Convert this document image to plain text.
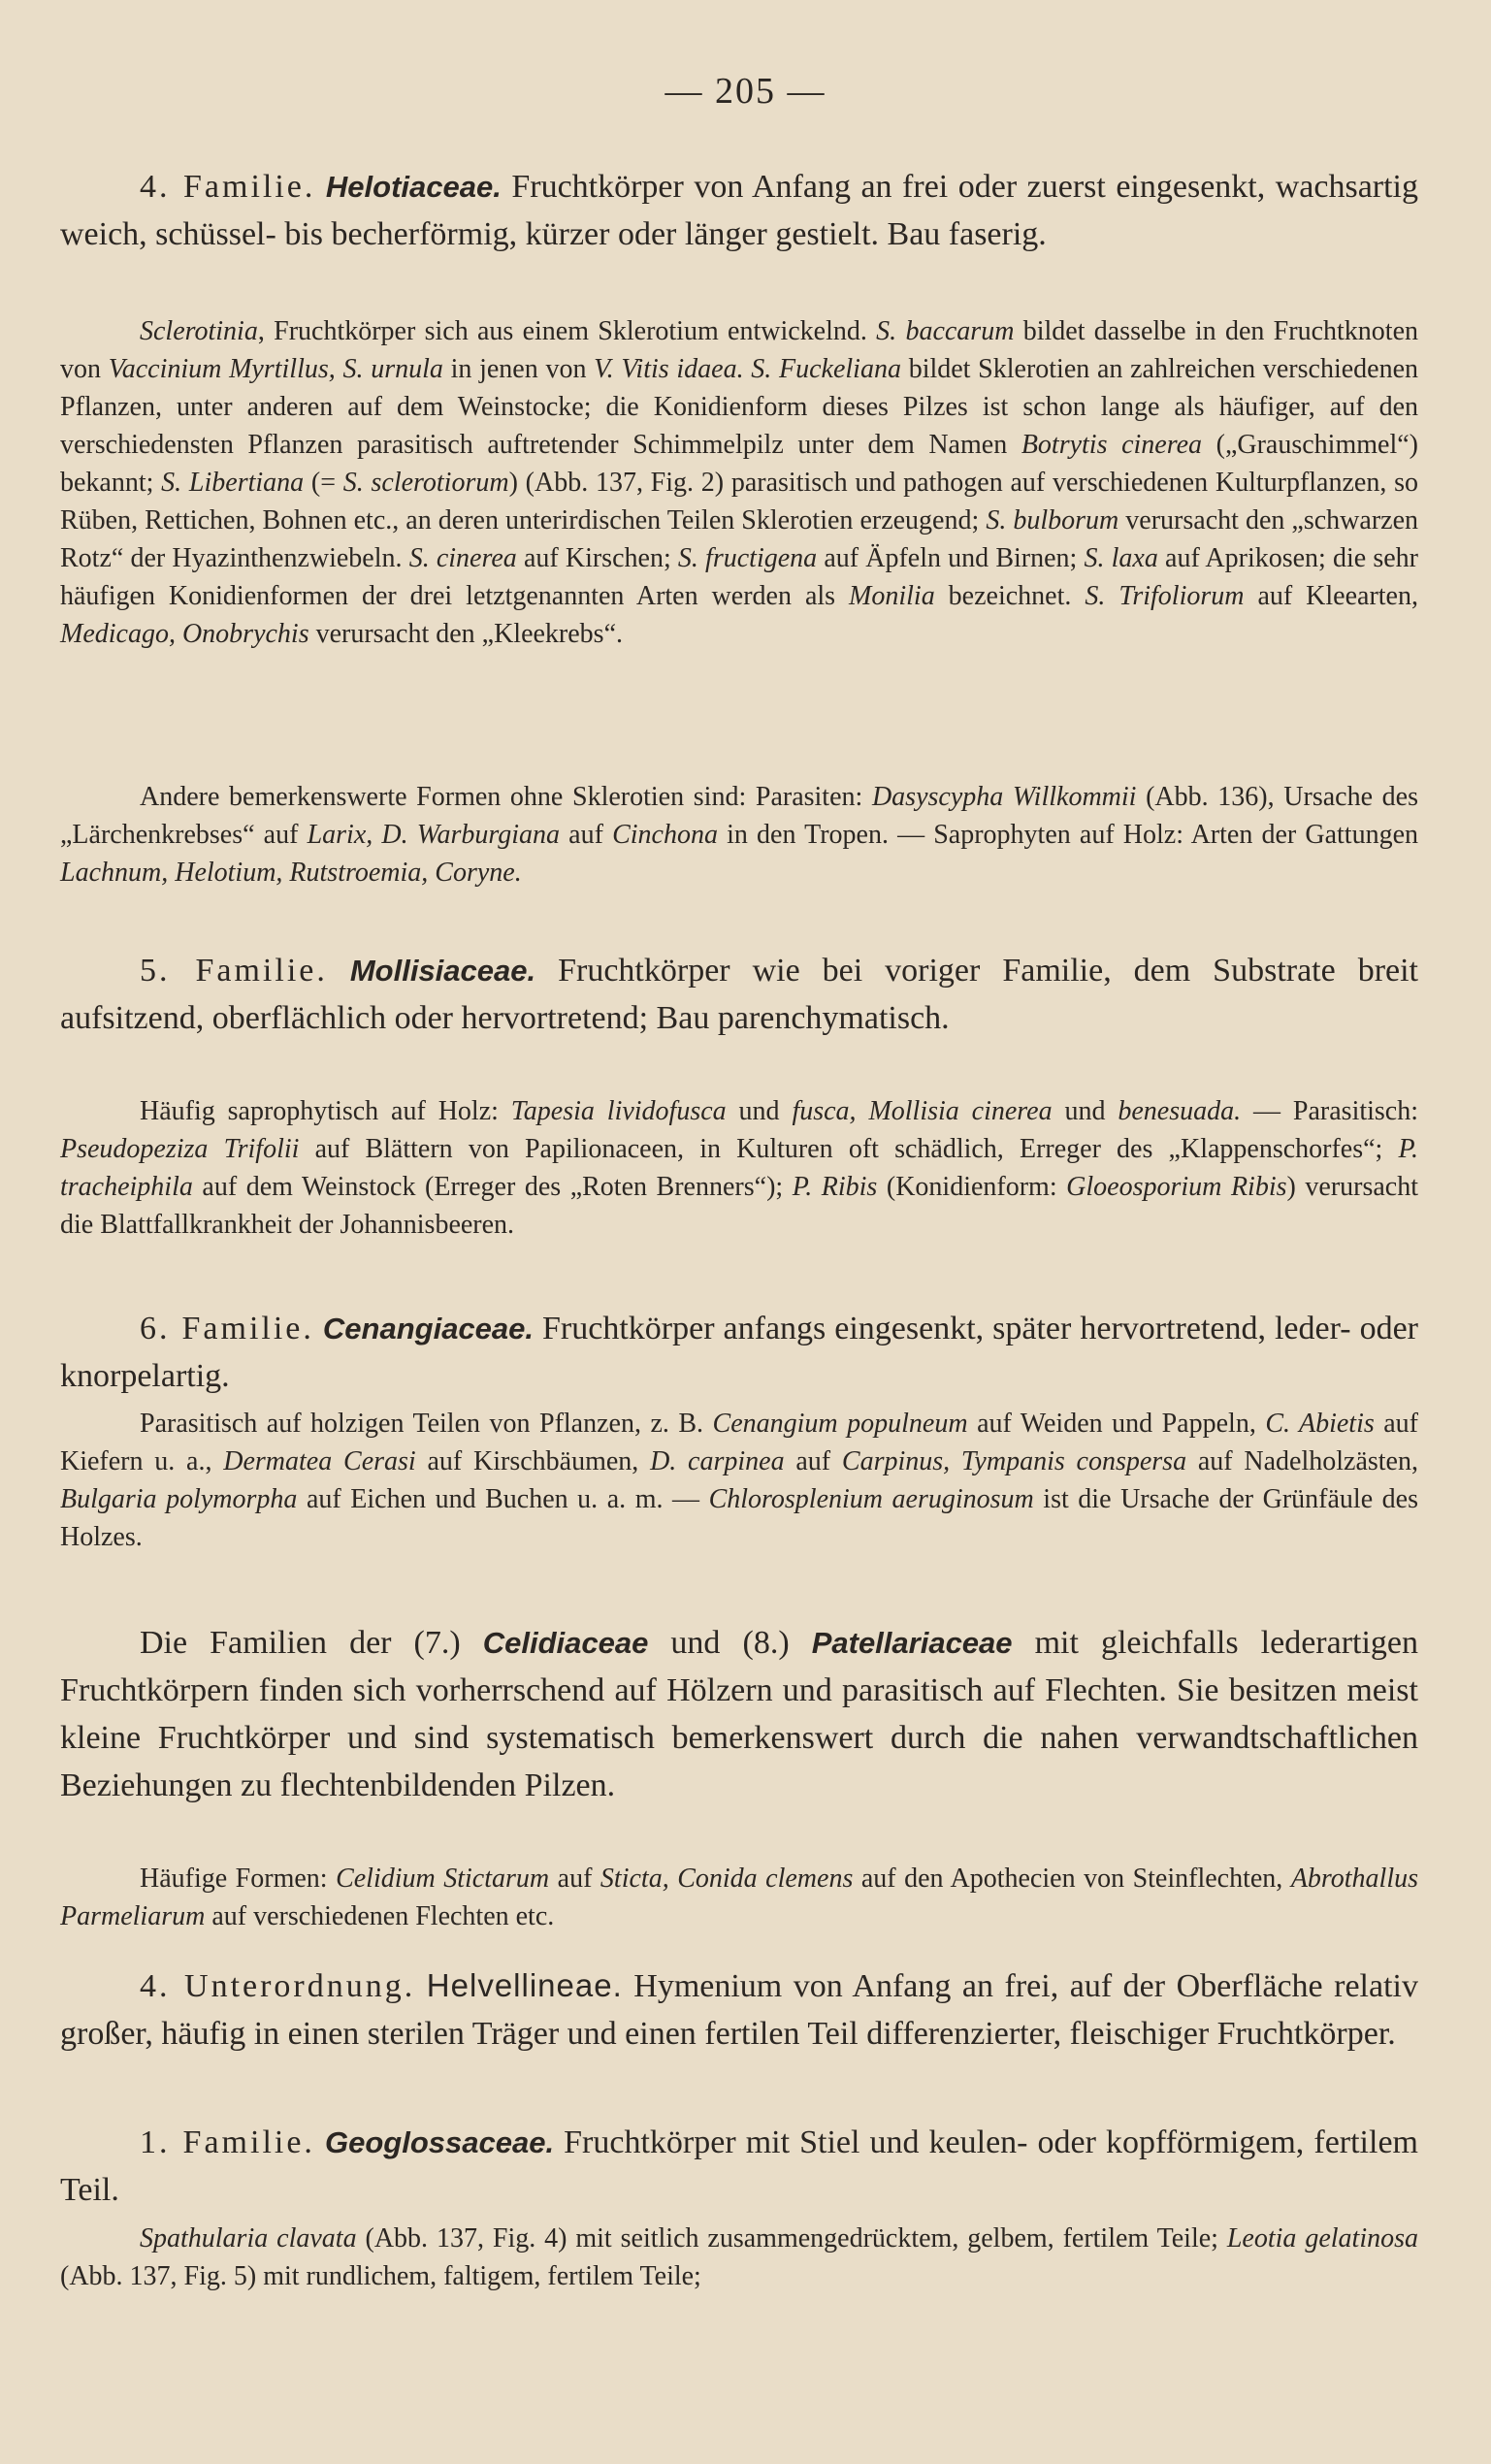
— 205 —
4. Familie. Helotiaceae. Fruchtkörper von Anfang an frei oder zuerst eingesenkt, wachsartig weich, schüssel- bis becherförmig, kürzer oder länger gestielt. Bau faserig.
Sclerotinia, Fruchtkörper sich aus einem Sklerotium entwickelnd. S. baccarum bildet dasselbe in den Fruchtknoten von Vaccinium Myrtillus, S. urnula in jenen von V. Vitis idaea. S. Fuckeliana bildet Sklerotien an zahlreichen verschiedenen Pflanzen, unter anderen auf dem Weinstocke; die Konidienform dieses Pilzes ist schon lange als häufiger, auf den verschiedensten Pflanzen parasitisch auftretender Schimmelpilz unter dem Namen Botrytis cinerea („Grauschimmel“) bekannt; S. Libertiana (= S. sclerotiorum) (Abb. 137, Fig. 2) parasitisch und pathogen auf verschiedenen Kulturpflanzen, so Rüben, Rettichen, Bohnen etc., an deren unterirdischen Teilen Sklerotien erzeugend; S. bulborum verursacht den „schwarzen Rotz“ der Hyazinthenzwiebeln. S. cinerea auf Kirschen; S. fructigena auf Äpfeln und Birnen; S. laxa auf Aprikosen; die sehr häufigen Konidienformen der drei letztgenannten Arten werden als Monilia bezeichnet. S. Trifoliorum auf Kleearten, Medicago, Onobrychis verursacht den „Kleekrebs“.
Andere bemerkenswerte Formen ohne Sklerotien sind: Parasiten: Dasyscypha Willkommii (Abb. 136), Ursache des „Lärchenkrebses“ auf Larix, D. Warburgiana auf Cinchona in den Tropen. — Saprophyten auf Holz: Arten der Gattungen Lachnum, Helotium, Rutstroemia, Coryne.
5. Familie. Mollisiaceae. Fruchtkörper wie bei voriger Familie, dem Substrate breit aufsitzend, oberflächlich oder hervortretend; Bau parenchymatisch.
Häufig saprophytisch auf Holz: Tapesia lividofusca und fusca, Mollisia cinerea und benesuada. — Parasitisch: Pseudopeziza Trifolii auf Blättern von Papilionaceen, in Kulturen oft schädlich, Erreger des „Klappenschorfes“; P. tracheiphila auf dem Weinstock (Erreger des „Roten Brenners“); P. Ribis (Konidienform: Gloeosporium Ribis) verursacht die Blattfallkrankheit der Johannisbeeren.
6. Familie. Cenangiaceae. Fruchtkörper anfangs eingesenkt, später hervortretend, leder- oder knorpelartig.
Parasitisch auf holzigen Teilen von Pflanzen, z. B. Cenangium populneum auf Weiden und Pappeln, C. Abietis auf Kiefern u. a., Dermatea Cerasi auf Kirschbäumen, D. carpinea auf Carpinus, Tympanis conspersa auf Nadelholzästen, Bulgaria polymorpha auf Eichen und Buchen u. a. m. — Chlorosplenium aeruginosum ist die Ursache der Grünfäule des Holzes.
Die Familien der (7.) Celidiaceae und (8.) Patellariaceae mit gleichfalls lederartigen Fruchtkörpern finden sich vorherrschend auf Hölzern und parasitisch auf Flechten. Sie besitzen meist kleine Fruchtkörper und sind systematisch bemerkenswert durch die nahen verwandtschaftlichen Beziehungen zu flechtenbildenden Pilzen.
Häufige Formen: Celidium Stictarum auf Sticta, Conida clemens auf den Apothecien von Steinflechten, Abrothallus Parmeliarum auf verschiedenen Flechten etc.
4. Unterordnung. Helvellineae. Hymenium von Anfang an frei, auf der Oberfläche relativ großer, häufig in einen sterilen Träger und einen fertilen Teil differenzierter, fleischiger Fruchtkörper.
1. Familie. Geoglossaceae. Fruchtkörper mit Stiel und keulen- oder kopfförmigem, fertilem Teil.
Spathularia clavata (Abb. 137, Fig. 4) mit seitlich zusammengedrücktem, gelbem, fertilem Teile; Leotia gelatinosa (Abb. 137, Fig. 5) mit rundlichem, faltigem, fertilem Teile;
